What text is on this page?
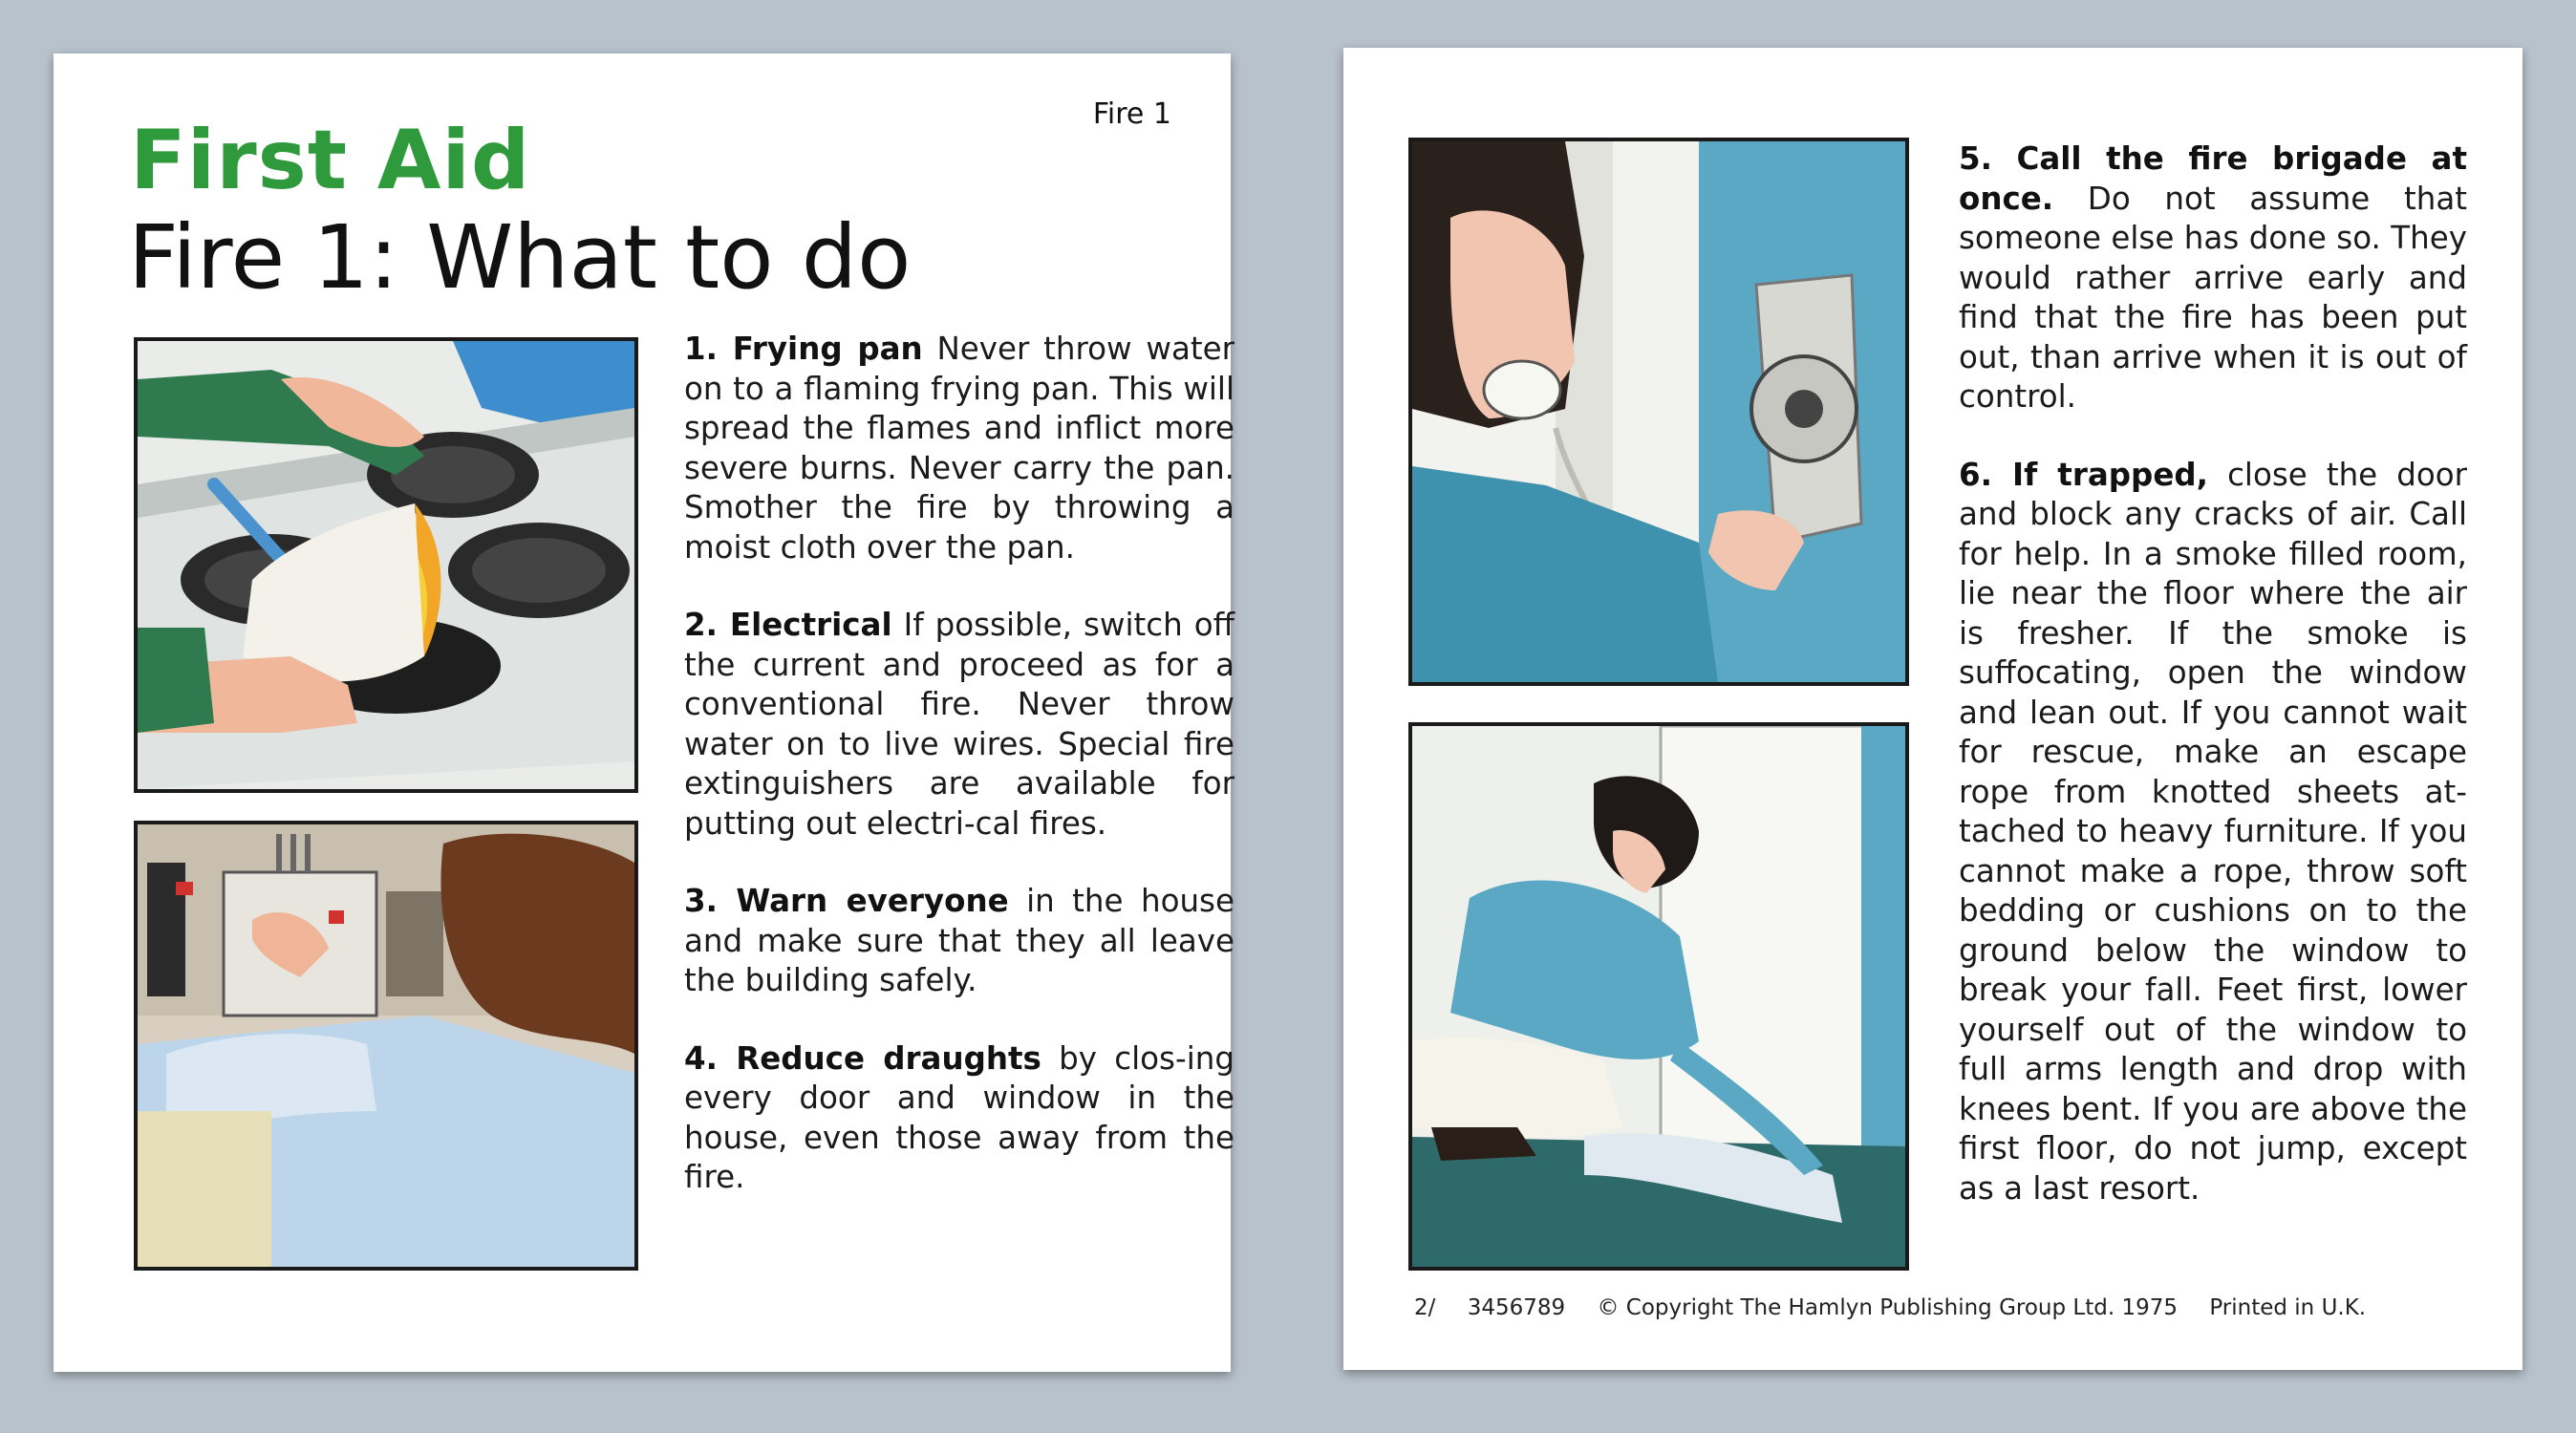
Fire 1
First Aid
Fire 1: What to do

1. Frying pan Never throw water on to a flaming frying pan. This will spread the flames and inflict more severe burns. Never carry the pan. Smother the fire by throwing a moist cloth over the pan.

2. Electrical If possible, switch off the current and proceed as for a conventional fire. Never throw water on to live wires. Special fire extinguishers are available for putting out electri-cal fires.

3. Warn everyone in the house and make sure that they all leave the building safely.

4. Reduce draughts by clos-ing every door and window in the house, even those away from the fire.

5. Call the fire brigade at once. Do not assume that someone else has done so. They would rather arrive early and find that the fire has been put out, than arrive when it is out of control.

6. If trapped, close the door and block any cracks of air. Call for help. In a smoke filled room, lie near the floor where the air is fresher. If the smoke is suffocating, open the window and lean out. If you cannot wait for rescue, make an escape rope from knotted sheets at-tached to heavy furniture. If you cannot make a rope, throw soft bedding or cushions on to the ground below the window to break your fall. Feet first, lower yourself out of the window to full arms length and drop with knees bent. If you are above the first floor, do not jump, except as a last resort.

2/ 3456789 © Copyright The Hamlyn Publishing Group Ltd. 1975 Printed in U.K.
